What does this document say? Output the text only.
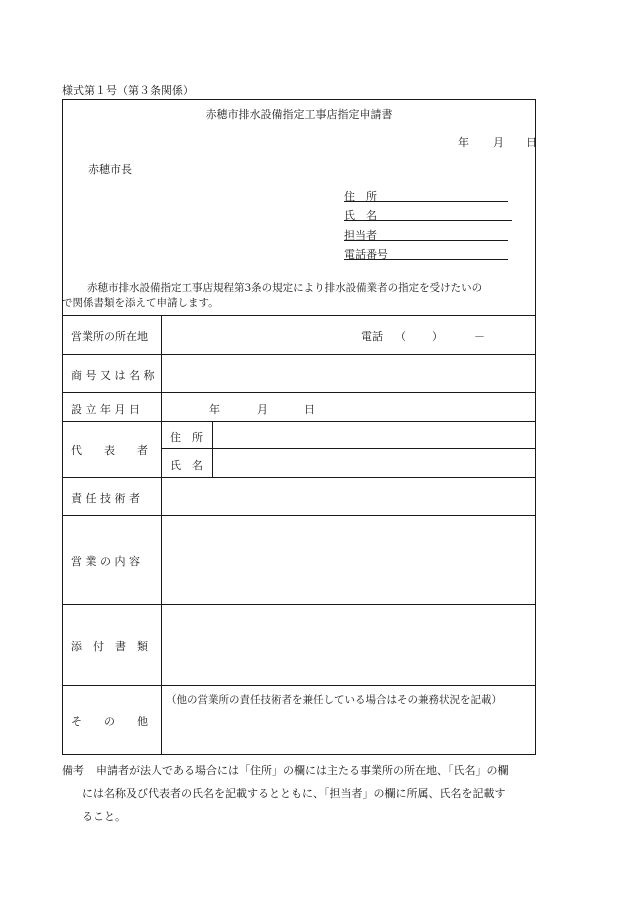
様式第１号（第３条関係）
赤穂市排水設備指定工事店指定申請書
年 月 日
赤穂市長
住　所
氏　名
担当者
電話番号
赤穂市排水設備指定工事店規程第3条の規定により排水設備業者の指定を受けたいの
で関係書類を添えて申請します。
営業所の所在地	電話 （ ）	－
商 号 又 は 名 称
設 立 年 月 日	年	月	日
代　　表　　者
住　所
氏　名
責 任 技 術 者
営 業 の 内 容
添　付　書　類
そ　　の　　他
（他の営業所の責任技術者を兼任している場合はその兼務状況を記載）
備考 申請者が法人である場合には「住所」の欄には主たる事業所の所在地、「氏名」の欄
には名称及び代表者の氏名を記載するとともに、「担当者」の欄に所属、氏名を記載す
ること。
